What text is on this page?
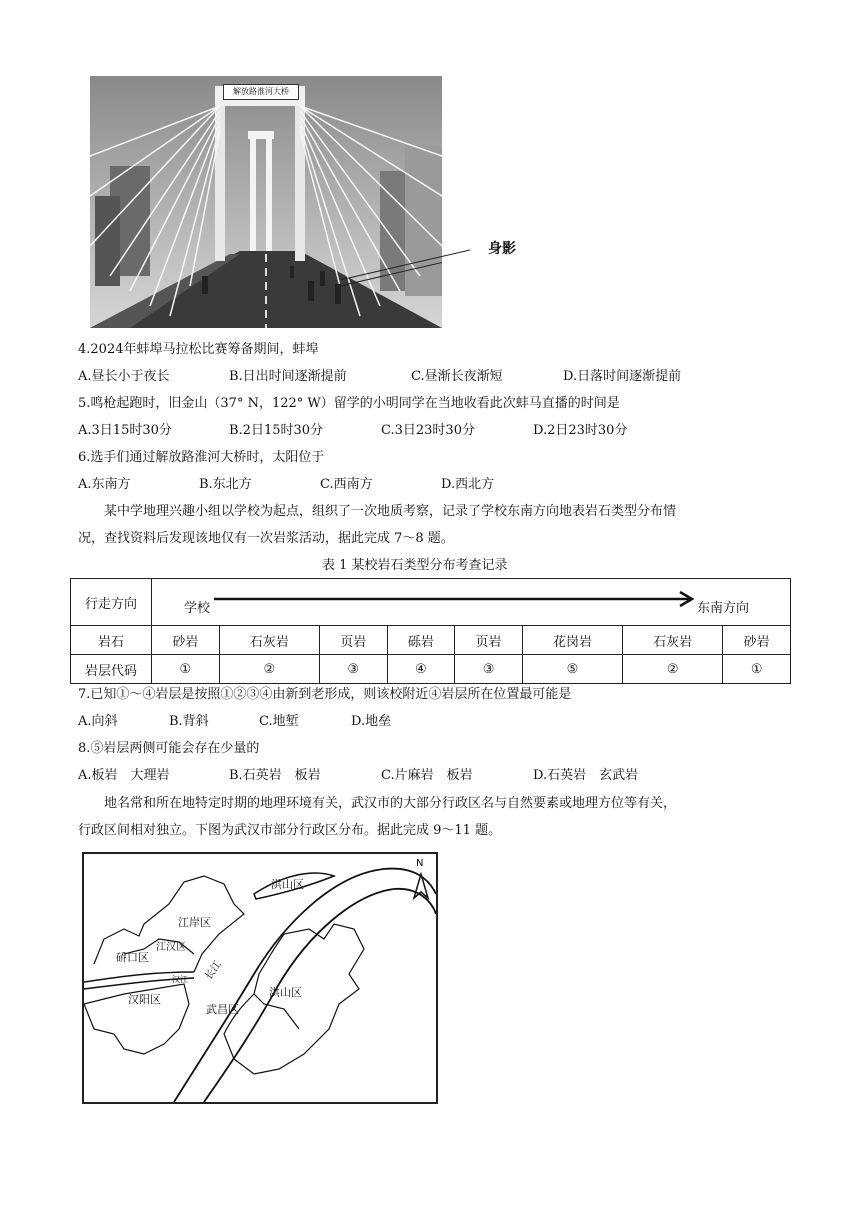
解放路淮河大桥
身影
4.2024年蚌埠马拉松比赛筹备期间，蚌埠
A.昼长小于夜长	B.日出时间逐渐提前	C.昼渐长夜渐短	D.日落时间逐渐提前
5.鸣枪起跑时，旧金山（37° N，122° W）留学的小明同学在当地收看此次蚌马直播的时间是
A.3日15时30分	B.2日15时30分	C.3日23时30分	D.2日23时30分
6.选手们通过解放路淮河大桥时，太阳位于
A.东南方	B.东北方	C.西南方	D.西北方
某中学地理兴趣小组以学校为起点，组织了一次地质考察，记录了学校东南方向地表岩石类型分布情
况，查找资料后发现该地仅有一次岩浆活动，据此完成 7～8 题。
表 1 某校岩石类型分布考查记录
行走方向	学校 东南方向							

岩石	砂岩	石灰岩	页岩	砾岩	页岩	花岗岩	石灰岩	砂岩
岩层代码	①	②	③	④	③	⑤	②	①
7.已知①～④岩层是按照①②③④由新到老形成，则该校附近④岩层所在位置最可能是
A.向斜	B.背斜	C.地堑	D.地垒
8.⑤岩层两侧可能会存在少量的
A.板岩　大理岩	B.石英岩　板岩	C.片麻岩　板岩	D.石英岩　玄武岩
地名常和所在地特定时期的地理环境有关，武汉市的大部分行政区名与自然要素或地理方位等有关，
行政区间相对独立。下图为武汉市部分行政区分布。据此完成 9～11 题。
N
洪山区
江岸区
江汉区
硚口区
汉江	长江
汉阳区
武昌区
洪山区
